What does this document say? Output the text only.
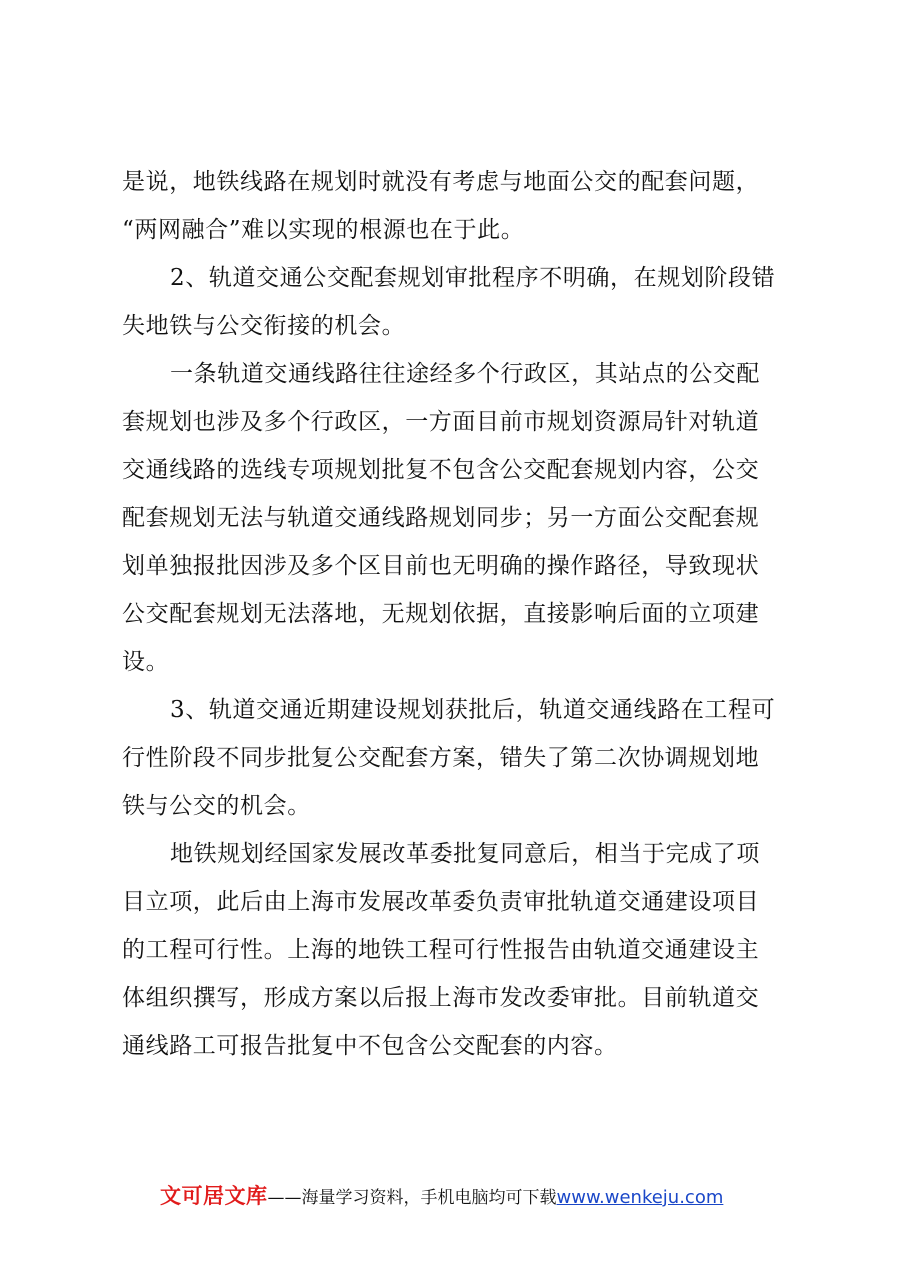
是说，地铁线路在规划时就没有考虑与地面公交的配套问题，
“两网融合”难以实现的根源也在于此。

2、轨道交通公交配套规划审批程序不明确，在规划阶段错
失地铁与公交衔接的机会。

一条轨道交通线路往往途经多个行政区，其站点的公交配
套规划也涉及多个行政区，一方面目前市规划资源局针对轨道
交通线路的选线专项规划批复不包含公交配套规划内容，公交
配套规划无法与轨道交通线路规划同步；另一方面公交配套规
划单独报批因涉及多个区目前也无明确的操作路径，导致现状
公交配套规划无法落地，无规划依据，直接影响后面的立项建
设。

3、轨道交通近期建设规划获批后，轨道交通线路在工程可
行性阶段不同步批复公交配套方案，错失了第二次协调规划地
铁与公交的机会。

地铁规划经国家发展改革委批复同意后，相当于完成了项
目立项，此后由上海市发展改革委负责审批轨道交通建设项目
的工程可行性。上海的地铁工程可行性报告由轨道交通建设主
体组织撰写，形成方案以后报上海市发改委审批。目前轨道交
通线路工可报告批复中不包含公交配套的内容。

文可居文库——海量学习资料，手机电脑均可下载www.wenkeju.com
